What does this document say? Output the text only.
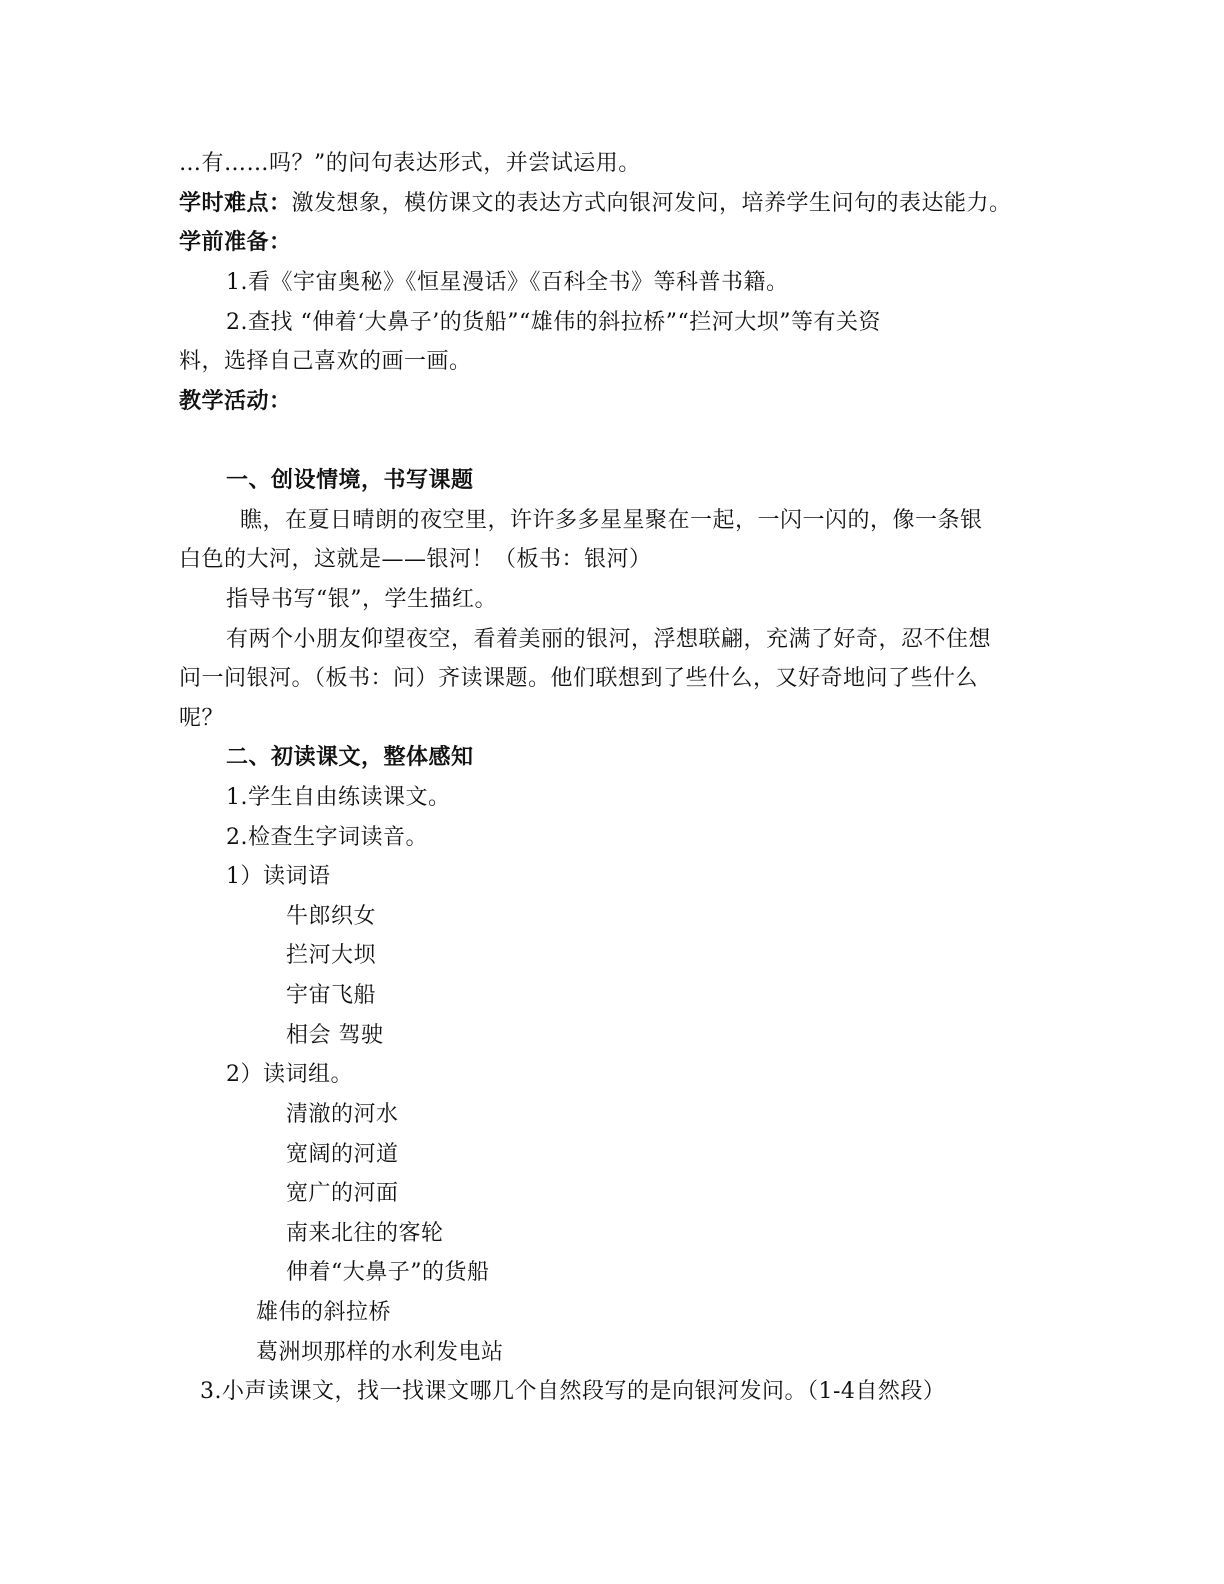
…有……吗？”的问句表达形式，并尝试运用。
学时难点：激发想象，模仿课文的表达方式向银河发问，培养学生问句的表达能力。
学前准备：
1.看《宇宙奥秘》《恒星漫话》《百科全书》等科普书籍。
2.查找 “伸着‘大鼻子’的货船”“雄伟的斜拉桥”“拦河大坝”等有关资
料，选择自己喜欢的画一画。
教学活动：
一、创设情境，书写课题
瞧，在夏日晴朗的夜空里，许许多多星星聚在一起，一闪一闪的，像一条银
白色的大河，这就是——银河！（板书：银河）
指导书写“银”，学生描红。
有两个小朋友仰望夜空，看着美丽的银河，浮想联翩，充满了好奇，忍不住想
问一问银河。（板书：问）齐读课题。他们联想到了些什么，又好奇地问了些什么
呢？
二、初读课文，整体感知
1.学生自由练读课文。
2.检查生字词读音。
1）读词语
牛郎织女
拦河大坝
宇宙飞船
相会 驾驶
2）读词组。
清澈的河水
宽阔的河道
宽广的河面
南来北往的客轮
伸着“大鼻子”的货船
雄伟的斜拉桥
葛洲坝那样的水利发电站
3.小声读课文，找一找课文哪几个自然段写的是向银河发问。（1-4自然段）
